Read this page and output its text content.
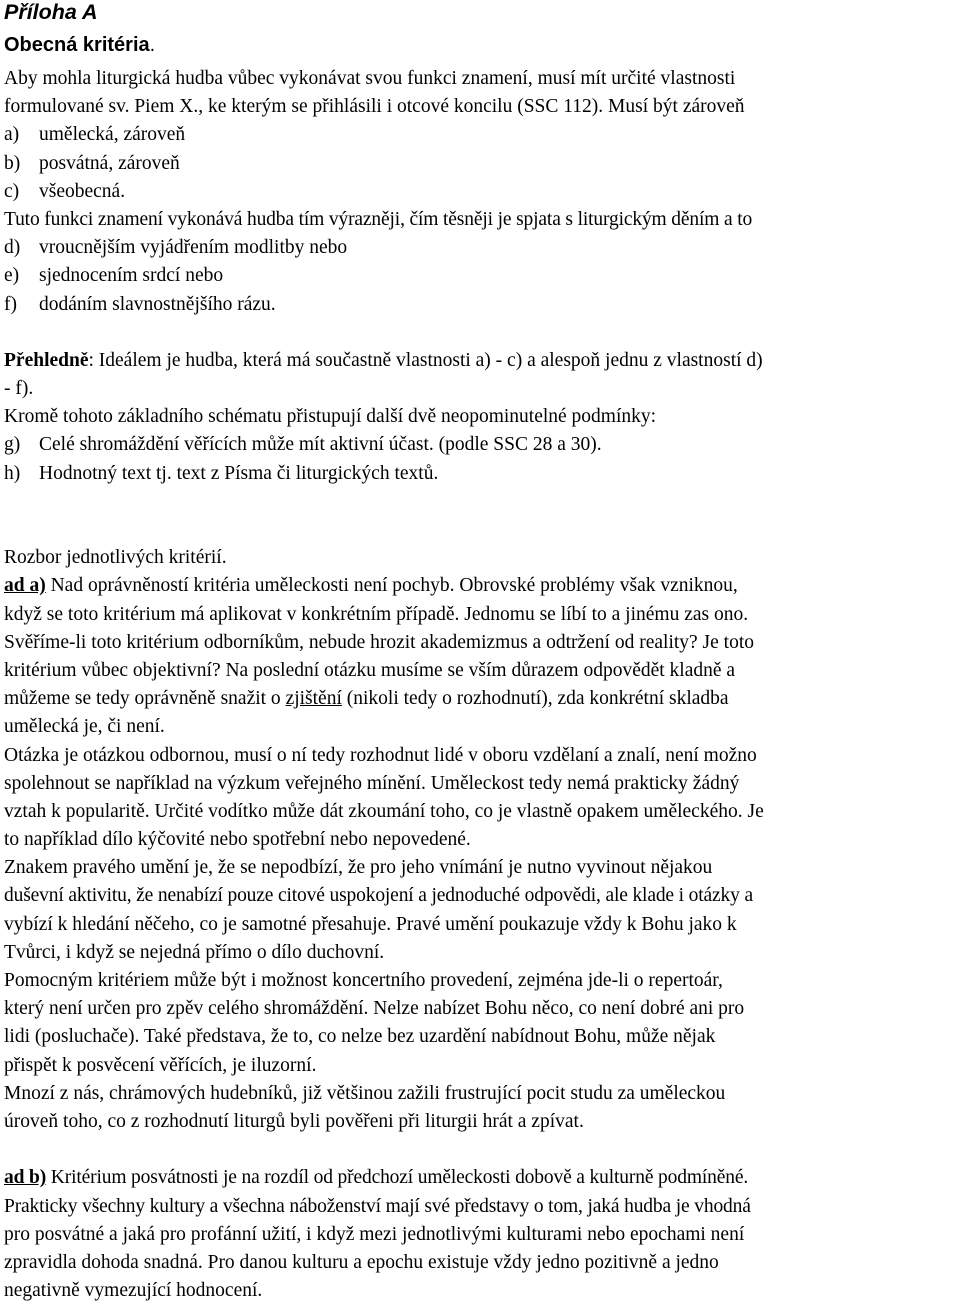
Příloha A
Obecná kritéria.
Aby mohla liturgická hudba vůbec vykonávat svou funkci znamení, musí mít určité vlastnosti
formulované sv. Piem X., ke kterým se přihlásili i otcové koncilu (SSC 112). Musí být zároveň
a) umělecká, zároveň
b) posvátná, zároveň
c) všeobecná.
Tuto funkci znamení vykonává hudba tím výrazněji, čím těsněji je spjata s liturgickým děním a to
d) vroucnějším vyjádřením modlitby nebo
e) sjednocením srdcí nebo
f) dodáním slavnostnějšího rázu.
Přehledně: Ideálem je hudba, která má součastně vlastnosti a) - c) a alespoň jednu z vlastností d)
- f).
Kromě tohoto základního schématu přistupují další dvě neopominutelné podmínky:
g) Celé shromáždění věřících může mít aktivní účast. (podle SSC 28 a 30).
h) Hodnotný text tj. text z Písma či liturgických textů.
Rozbor jednotlivých kritérií.
ad a) Nad oprávněností kritéria uměleckosti není pochyb. Obrovské problémy však vzniknou,
když se toto kritérium má aplikovat v konkrétním případě. Jednomu se líbí to a jinému zas ono.
Svěříme-li toto kritérium odborníkům, nebude hrozit akademizmus a odtržení od reality? Je toto
kritérium vůbec objektivní? Na poslední otázku musíme se vším důrazem odpovědět kladně a
můžeme se tedy oprávněně snažit o zjištění (nikoli tedy o rozhodnutí), zda konkrétní skladba
umělecká je, či není.
Otázka je otázkou odbornou, musí o ní tedy rozhodnut lidé v oboru vzdělaní a znalí, není možno
spolehnout se například na výzkum veřejného mínění. Uměleckost tedy nemá prakticky žádný
vztah k popularitě. Určité vodítko může dát zkoumání toho, co je vlastně opakem uměleckého. Je
to například dílo kýčovité nebo spotřební nebo nepovedené.
Znakem pravého umění je, že se nepodbízí, že pro jeho vnímání je nutno vyvinout nějakou
duševní aktivitu, že nenabízí pouze citové uspokojení a jednoduché odpovědi, ale klade i otázky a
vybízí k hledání něčeho, co je samotné přesahuje. Pravé umění poukazuje vždy k Bohu jako k
Tvůrci, i když se nejedná přímo o dílo duchovní.
Pomocným kritériem může být i možnost koncertního provedení, zejména jde-li o repertoár,
který není určen pro zpěv celého shromáždění. Nelze nabízet Bohu něco, co není dobré ani pro
lidi (posluchače). Také představa, že to, co nelze bez uzardění nabídnout Bohu, může nějak
přispět k posvěcení věřících, je iluzorní.
Mnozí z nás, chrámových hudebníků, již většinou zažili frustrující pocit studu za uměleckou
úroveň toho, co z rozhodnutí liturgů byli pověřeni při liturgii hrát a zpívat.
ad b) Kritérium posvátnosti je na rozdíl od předchozí uměleckosti dobově a kulturně podmíněné.
Prakticky všechny kultury a všechna náboženství mají své představy o tom, jaká hudba je vhodná
pro posvátné a jaká pro profánní užití, i když mezi jednotlivými kulturami nebo epochami není
zpravidla dohoda snadná. Pro danou kulturu a epochu existuje vždy jedno pozitivně a jedno
negativně vymezující hodnocení.
